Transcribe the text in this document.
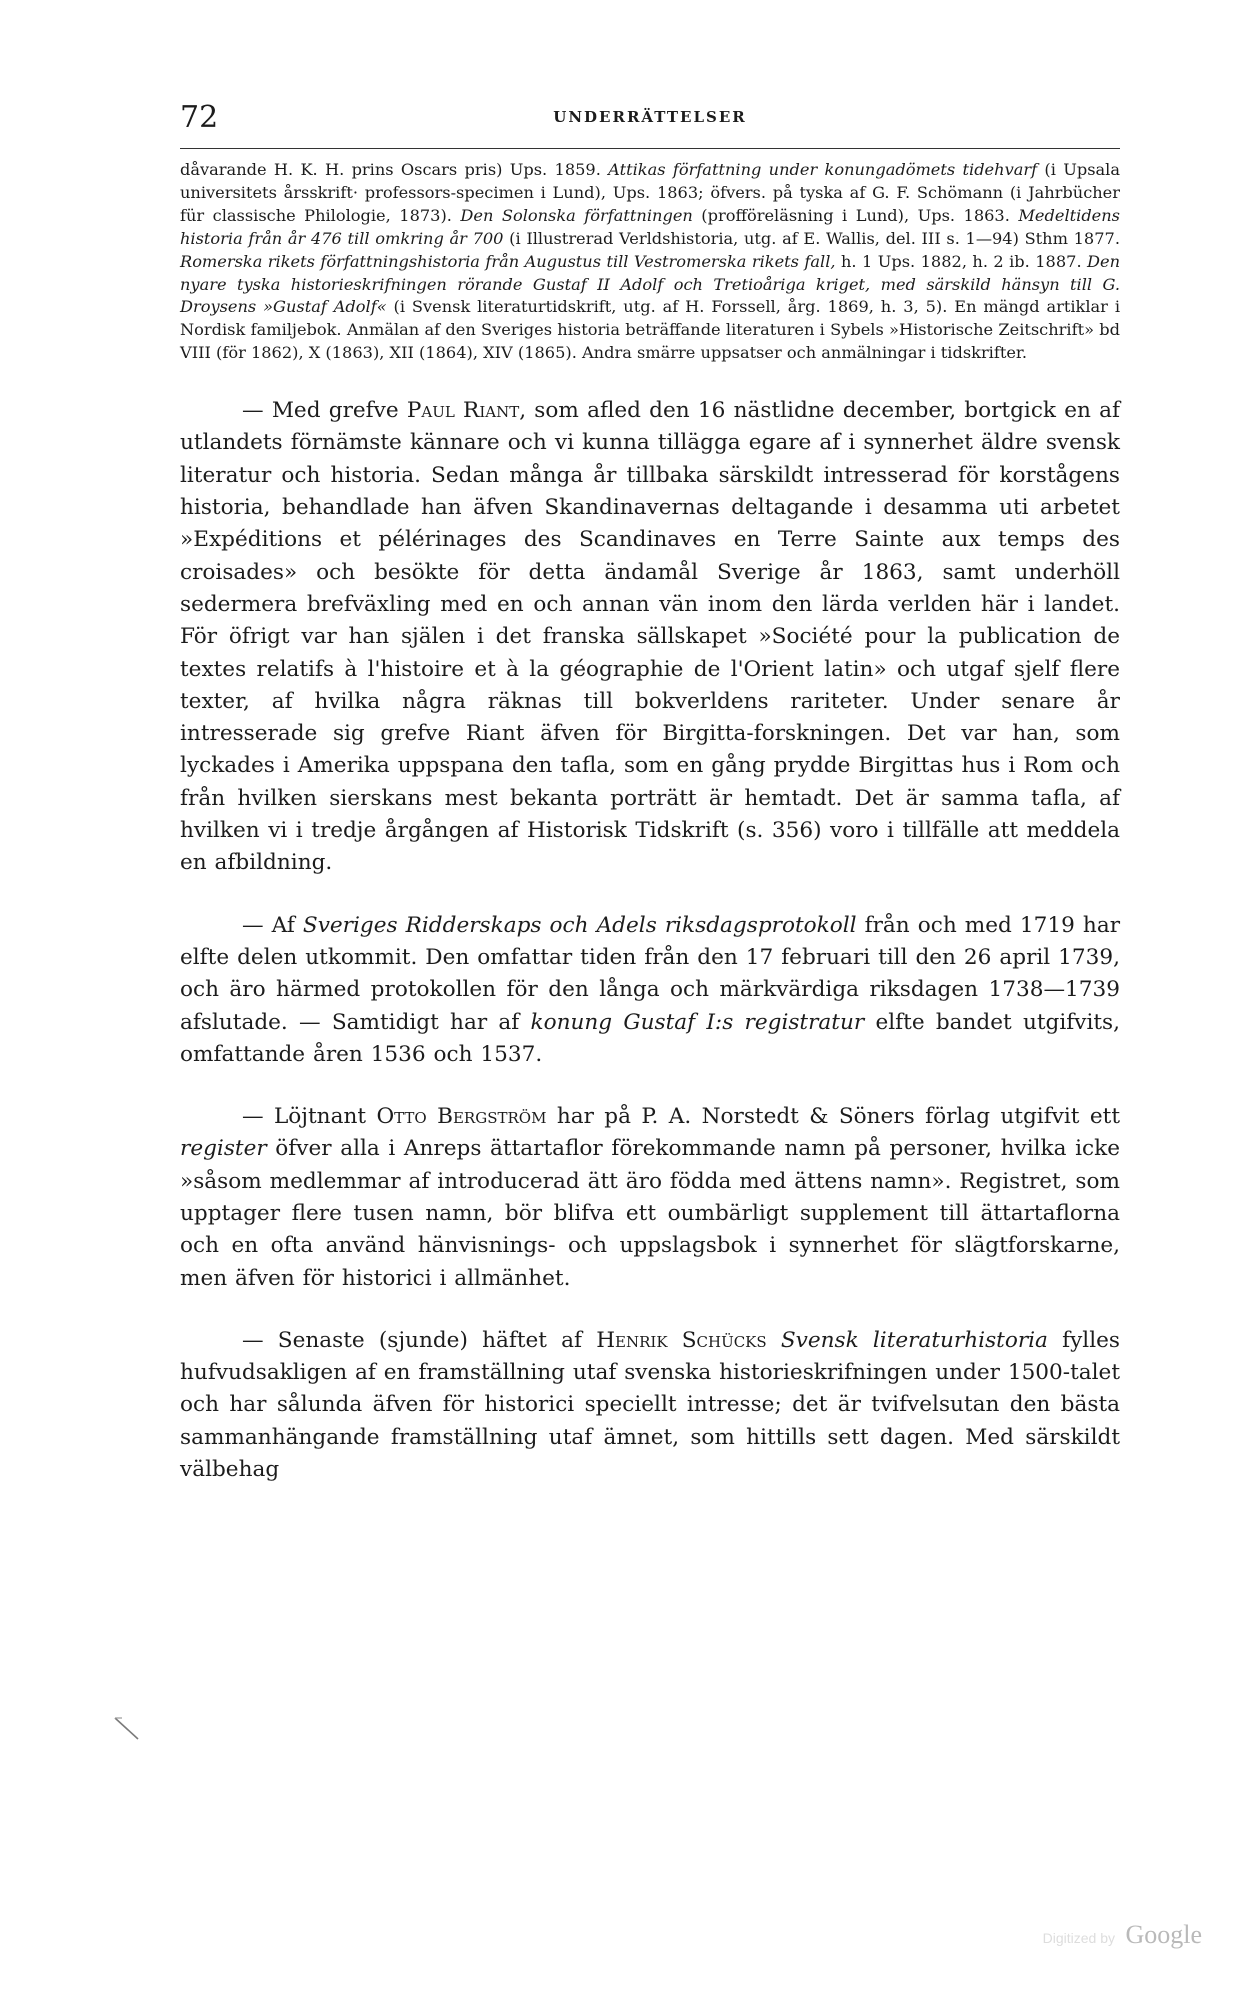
72	UNDERRÄTTELSER

dåvarande H. K. H. prins Oscars pris) Ups. 1859. Attikas författning under konungadömets tidehvarf (i Upsala universitets årsskrift· professors-specimen i Lund), Ups. 1863; öfvers. på tyska af G. F. Schömann (i Jahrbücher für classische Philologie, 1873). Den Solonska författningen (profföreläsning i Lund), Ups. 1863. Medeltidens historia från år 476 till omkring år 700 (i Illustrerad Verldshistoria, utg. af E. Wallis, del. III s. 1—94) Sthm 1877. Romerska rikets författningshistoria från Augustus till Vestromerska rikets fall, h. 1 Ups. 1882, h. 2 ib. 1887. Den nyare tyska historieskrifningen rörande Gustaf II Adolf och Tretioåriga kriget, med särskild hänsyn till G. Droysens »Gustaf Adolf« (i Svensk literaturtidskrift, utg. af H. Forssell, årg. 1869, h. 3, 5). En mängd artiklar i Nordisk familjebok. Anmälan af den Sveriges historia beträffande literaturen i Sybels »Historische Zeitschrift» bd VIII (för 1862), X (1863), XII (1864), XIV (1865). Andra smärre uppsatser och anmälningar i tidskrifter.

— Med grefve Paul Riant, som afled den 16 nästlidne december, bortgick en af utlandets förnämste kännare och vi kunna tillägga egare af i synnerhet äldre svensk literatur och historia. Sedan många år tillbaka särskildt intresserad för korstågens historia, behandlade han äfven Skandinavernas deltagande i desamma uti arbetet »Expéditions et pélérinages des Scandinaves en Terre Sainte aux temps des croisades» och besökte för detta ändamål Sverige år 1863, samt underhöll sedermera brefväxling med en och annan vän inom den lärda verlden här i landet. För öfrigt var han själen i det franska sällskapet »Société pour la publication de textes relatifs à l'histoire et à la géographie de l'Orient latin» och utgaf sjelf flere texter, af hvilka några räknas till bokverldens rariteter. Under senare år intresserade sig grefve Riant äfven för Birgitta-forskningen. Det var han, som lyckades i Amerika uppspana den tafla, som en gång prydde Birgittas hus i Rom och från hvilken sierskans mest bekanta porträtt är hemtadt. Det är samma tafla, af hvilken vi i tredje årgången af Historisk Tidskrift (s. 356) voro i tillfälle att meddela en afbildning.

— Af Sveriges Ridderskaps och Adels riksdagsprotokoll från och med 1719 har elfte delen utkommit. Den omfattar tiden från den 17 februari till den 26 april 1739, och äro härmed protokollen för den långa och märkvärdiga riksdagen 1738—1739 afslutade. — Samtidigt har af konung Gustaf I:s registratur elfte bandet utgifvits, omfattande åren 1536 och 1537.

— Löjtnant Otto Bergström har på P. A. Norstedt & Söners förlag utgifvit ett register öfver alla i Anreps ättartaflor förekommande namn på personer, hvilka icke »såsom medlemmar af introducerad ätt äro födda med ättens namn». Registret, som upptager flere tusen namn, bör blifva ett oumbärligt supplement till ättartaflorna och en ofta använd hänvisnings- och uppslagsbok i synnerhet för slägtforskarne, men äfven för historici i allmänhet.

— Senaste (sjunde) häftet af Henrik Schücks Svensk literaturhistoria fylles hufvudsakligen af en framställning utaf svenska historieskrifningen under 1500-talet och har sålunda äfven för historici speciellt intresse; det är tvifvelsutan den bästa sammanhängande framställning utaf ämnet, som hittills sett dagen. Med särskildt välbehag

Digitized by Google
